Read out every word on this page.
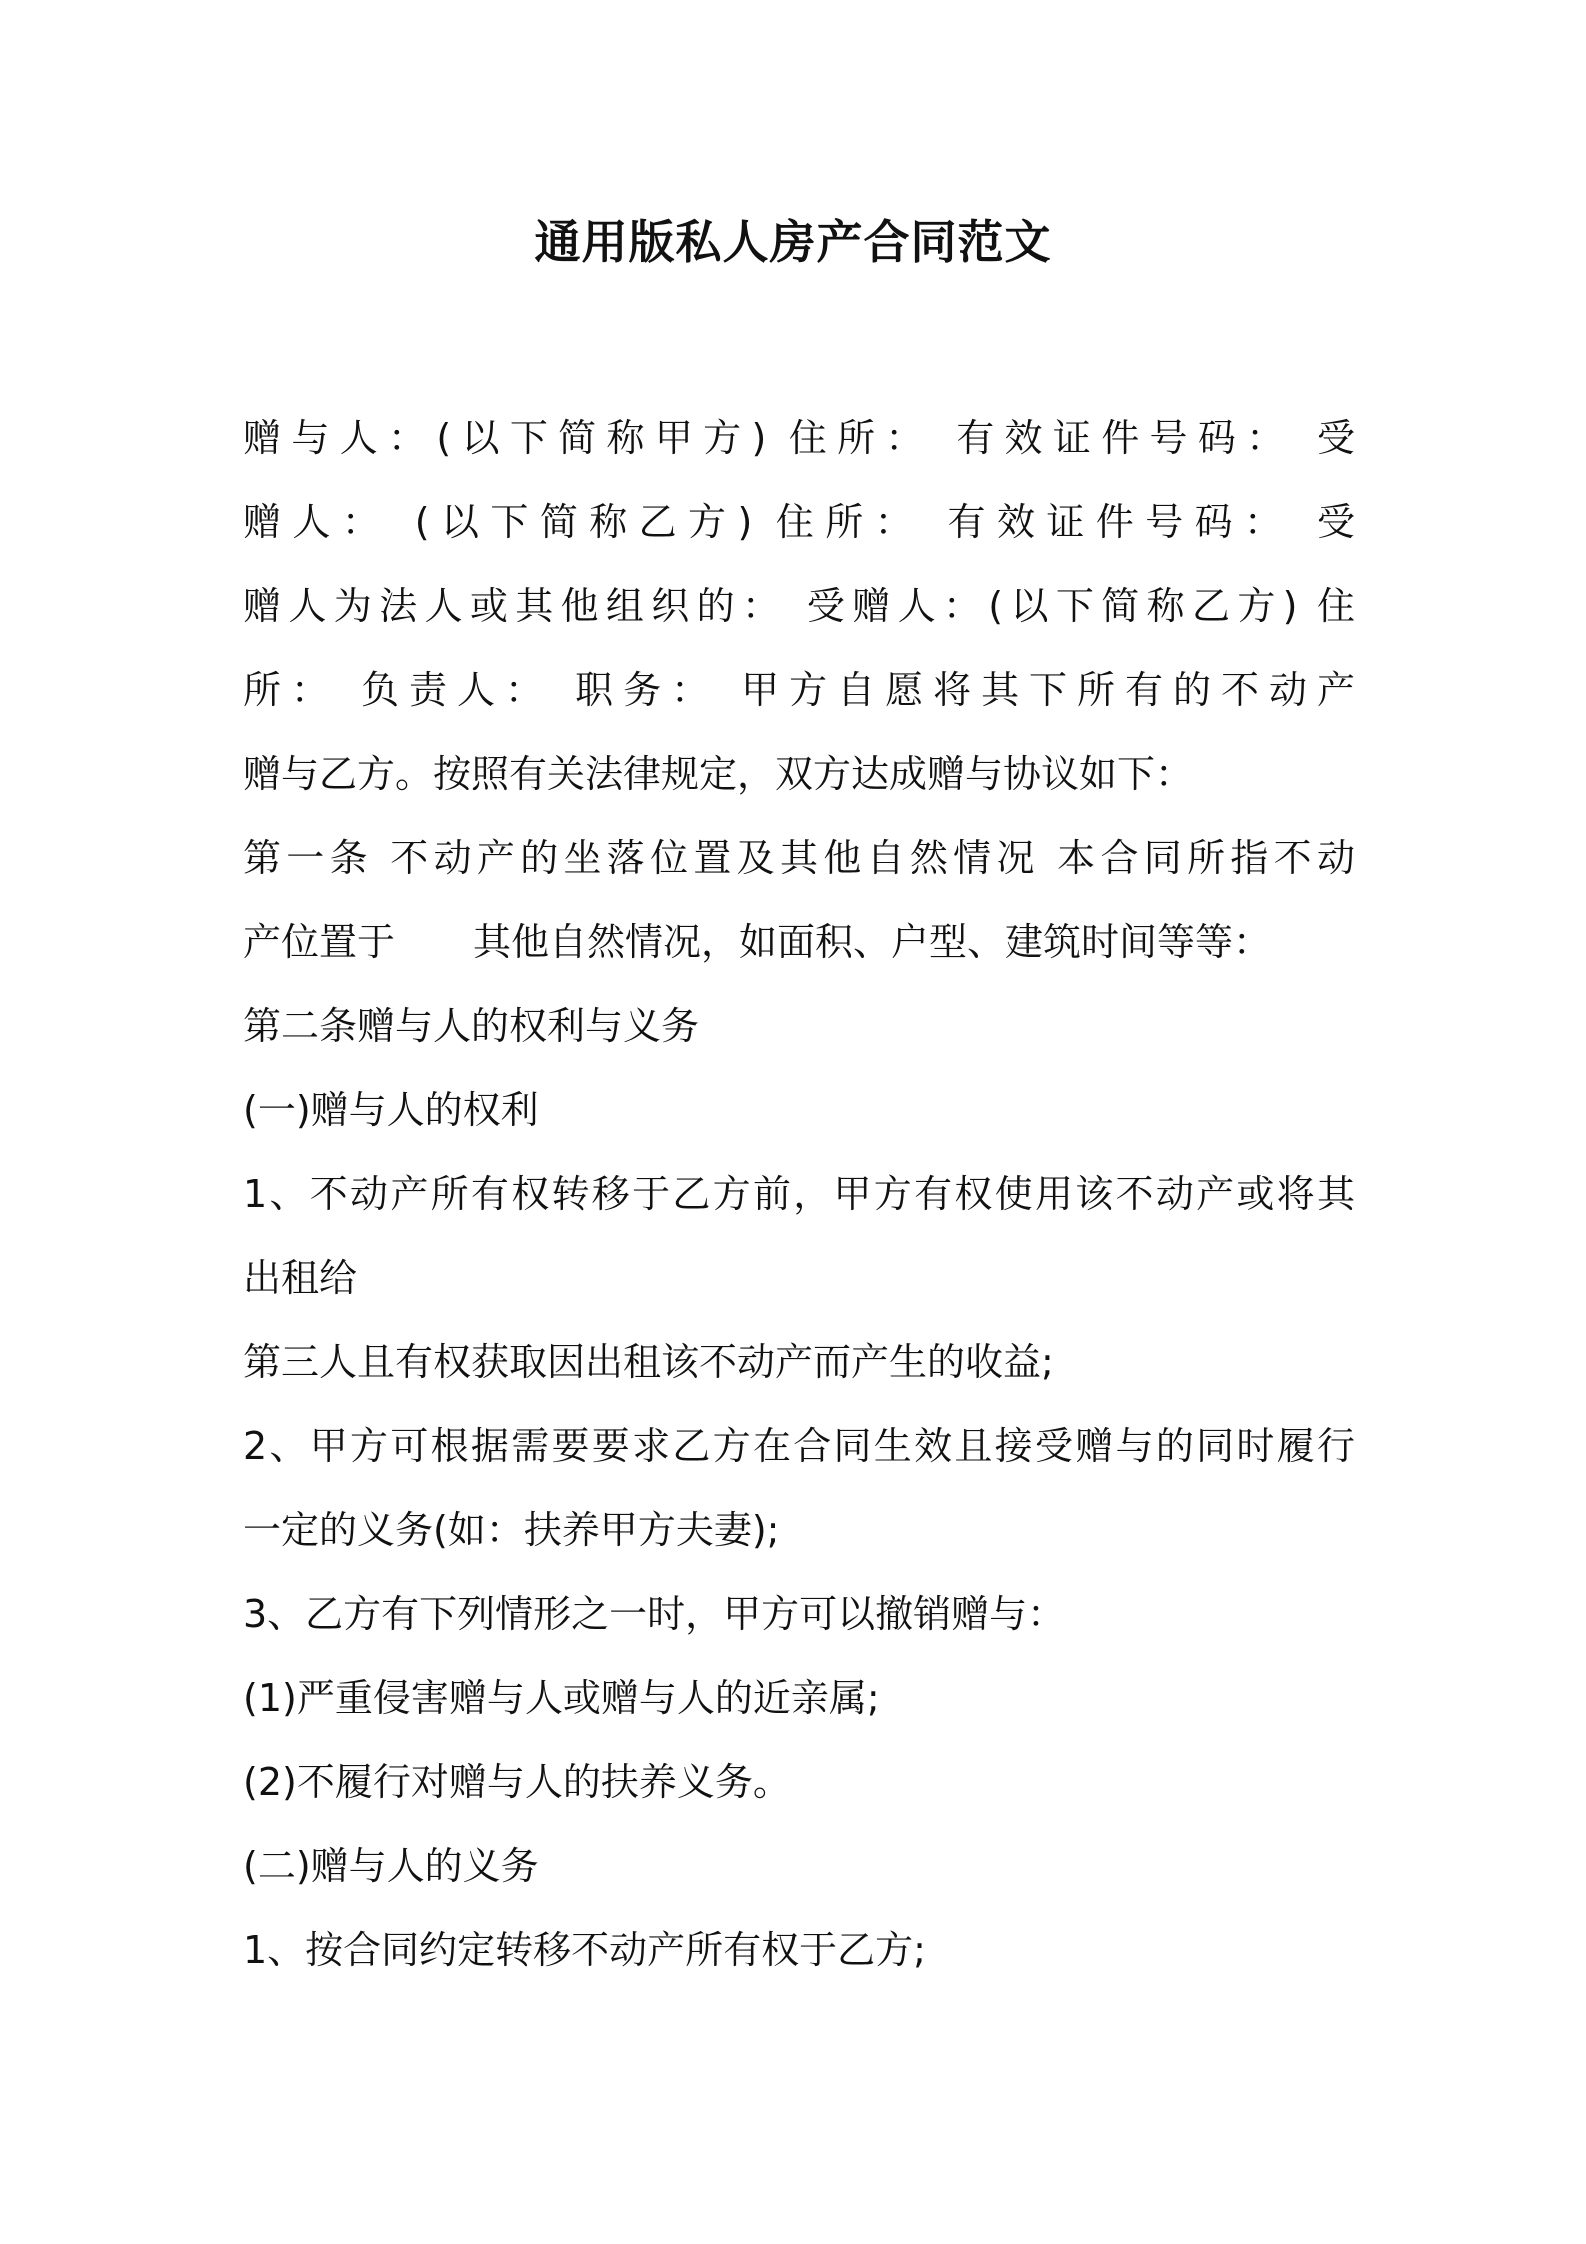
通用版私人房产合同范文
赠与人：(以下简称甲方) 住所： 有效证件号码： 受
赠人： (以下简称乙方) 住所： 有效证件号码： 受
赠人为法人或其他组织的： 受赠人：(以下简称乙方) 住
所： 负责人： 职务： 甲方自愿将其下所有的不动产
赠与乙方。按照有关法律规定，双方达成赠与协议如下：
第一条 不动产的坐落位置及其他自然情况 本合同所指不动
产位置于 其他自然情况，如面积、户型、建筑时间等等：
第二条赠与人的权利与义务
(一)赠与人的权利
1、不动产所有权转移于乙方前，甲方有权使用该不动产或将其
出租给
第三人且有权获取因出租该不动产而产生的收益;
2、甲方可根据需要要求乙方在合同生效且接受赠与的同时履行
一定的义务(如：扶养甲方夫妻);
3、乙方有下列情形之一时，甲方可以撤销赠与：
(1)严重侵害赠与人或赠与人的近亲属;
(2)不履行对赠与人的扶养义务。
(二)赠与人的义务
1、按合同约定转移不动产所有权于乙方;
